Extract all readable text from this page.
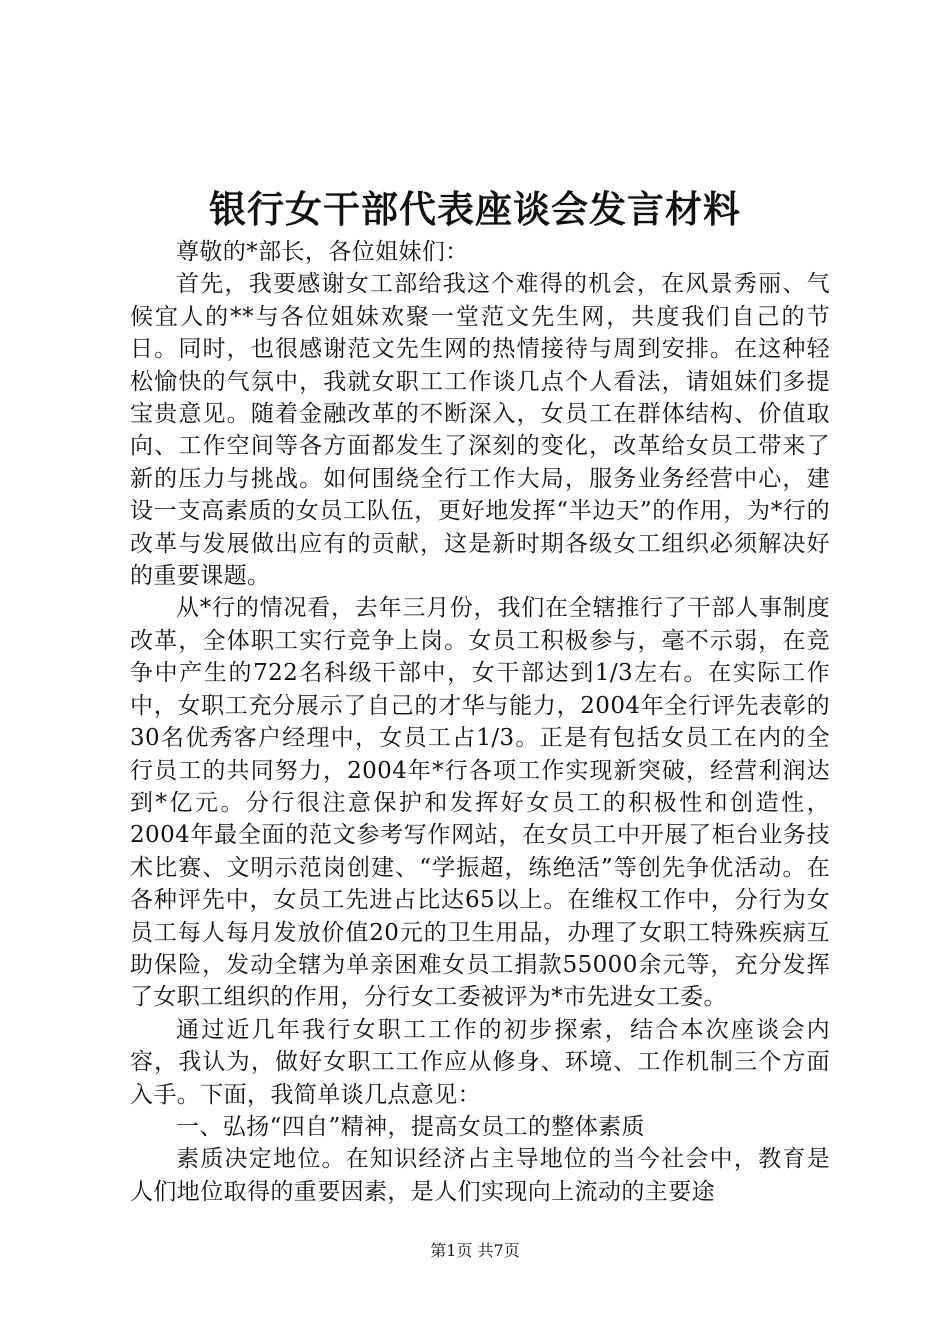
银行女干部代表座谈会发言材料

尊敬的*部长，各位姐妹们：

首先，我要感谢女工部给我这个难得的机会，在风景秀丽、气候宜人的**与各位姐妹欢聚一堂范文先生网，共度我们自己的节日。同时，也很感谢范文先生网的热情接待与周到安排。在这种轻松愉快的气氛中，我就女职工工作谈几点个人看法，请姐妹们多提宝贵意见。随着金融改革的不断深入，女员工在群体结构、价值取向、工作空间等各方面都发生了深刻的变化，改革给女员工带来了新的压力与挑战。如何围绕全行工作大局，服务业务经营中心，建设一支高素质的女员工队伍，更好地发挥“半边天”的作用，为*行的改革与发展做出应有的贡献，这是新时期各级女工组织必须解决好的重要课题。

从*行的情况看，去年三月份，我们在全辖推行了干部人事制度改革，全体职工实行竞争上岗。女员工积极参与，毫不示弱，在竞争中产生的722名科级干部中，女干部达到1/3左右。在实际工作中，女职工充分展示了自己的才华与能力，2004年全行评先表彰的30名优秀客户经理中，女员工占1/3。正是有包括女员工在内的全行员工的共同努力，2004年*行各项工作实现新突破，经营利润达到*亿元。分行很注意保护和发挥好女员工的积极性和创造性，2004年最全面的范文参考写作网站，在女员工中开展了柜台业务技术比赛、文明示范岗创建、“学振超，练绝活”等创先争优活动。在各种评先中，女员工先进占比达65以上。在维权工作中，分行为女员工每人每月发放价值20元的卫生用品，办理了女职工特殊疾病互助保险，发动全辖为单亲困难女员工捐款55000余元等，充分发挥了女职工组织的作用，分行女工委被评为*市先进女工委。

通过近几年我行女职工工作的初步探索，结合本次座谈会内容，我认为，做好女职工工作应从修身、环境、工作机制三个方面入手。下面，我简单谈几点意见：

一、弘扬“四自”精神，提高女员工的整体素质

素质决定地位。在知识经济占主导地位的当今社会中，教育是人们地位取得的重要因素，是人们实现向上流动的主要途

第1页 共7页
